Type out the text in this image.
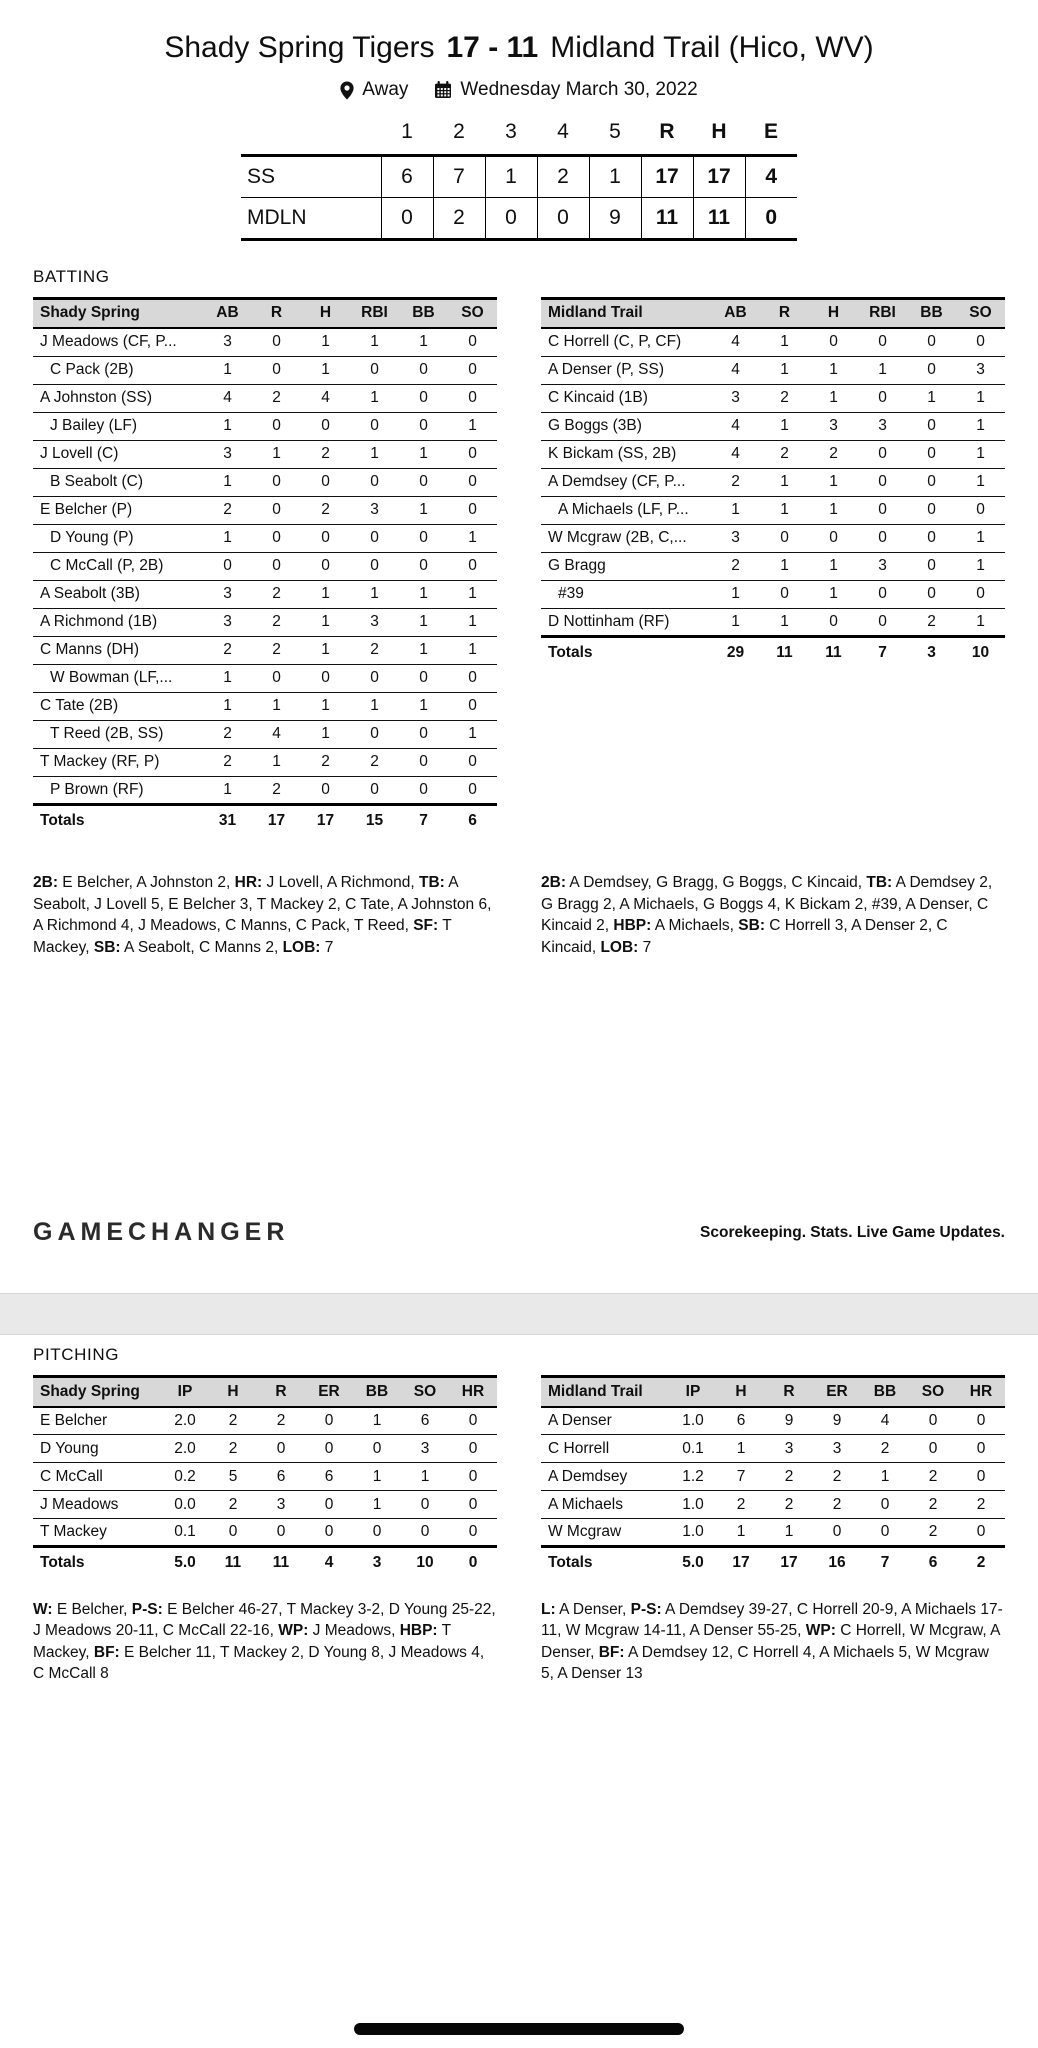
Shady Spring Tigers 17 - 11 Midland Trail (Hico, WV)
Away	Wednesday March 30, 2022
	1	2	3	4	5	R	H	E
SS	6	7	1	2	1	17	17	4
MDLN	0	2	0	0	9	11	11	0
BATTING
Shady Spring	AB	R	H	RBI	BB	SO
J Meadows (CF, P...	3	0	1	1	1	0
C Pack (2B)	1	0	1	0	0	0
A Johnston (SS)	4	2	4	1	0	0
J Bailey (LF)	1	0	0	0	0	1
J Lovell (C)	3	1	2	1	1	0
B Seabolt (C)	1	0	0	0	0	0
E Belcher (P)	2	0	2	3	1	0
D Young (P)	1	0	0	0	0	1
C McCall (P, 2B)	0	0	0	0	0	0
A Seabolt (3B)	3	2	1	1	1	1
A Richmond (1B)	3	2	1	3	1	1
C Manns (DH)	2	2	1	2	1	1
W Bowman (LF,...	1	0	0	0	0	0
C Tate (2B)	1	1	1	1	1	0
T Reed (2B, SS)	2	4	1	0	0	1
T Mackey (RF, P)	2	1	2	2	0	0
P Brown (RF)	1	2	0	0	0	0
Totals	31	17	17	15	7	6
Midland Trail	AB	R	H	RBI	BB	SO
C Horrell (C, P, CF)	4	1	0	0	0	0
A Denser (P, SS)	4	1	1	1	0	3
C Kincaid (1B)	3	2	1	0	1	1
G Boggs (3B)	4	1	3	3	0	1
K Bickam (SS, 2B)	4	2	2	0	0	1
A Demdsey (CF, P...	2	1	1	0	0	1
A Michaels (LF, P...	1	1	1	0	0	0
W Mcgraw (2B, C,...	3	0	0	0	0	1
G Bragg	2	1	1	3	0	1
#39	1	0	1	0	0	0
D Nottinham (RF)	1	1	0	0	2	1
Totals	29	11	11	7	3	10
2B: E Belcher, A Johnston 2, HR: J Lovell, A Richmond, TB: A Seabolt, J Lovell 5, E Belcher 3, T Mackey 2, C Tate, A Johnston 6, A Richmond 4, J Meadows, C Manns, C Pack, T Reed, SF: T Mackey, SB: A Seabolt, C Manns 2, LOB: 7
2B: A Demdsey, G Bragg, G Boggs, C Kincaid, TB: A Demdsey 2, G Bragg 2, A Michaels, G Boggs 4, K Bickam 2, #39, A Denser, C Kincaid 2, HBP: A Michaels, SB: C Horrell 3, A Denser 2, C Kincaid, LOB: 7
GAMECHANGER	Scorekeeping. Stats. Live Game Updates.
PITCHING
Shady Spring	IP	H	R	ER	BB	SO	HR
E Belcher	2.0	2	2	0	1	6	0
D Young	2.0	2	0	0	0	3	0
C McCall	0.2	5	6	6	1	1	0
J Meadows	0.0	2	3	0	1	0	0
T Mackey	0.1	0	0	0	0	0	0
Totals	5.0	11	11	4	3	10	0
Midland Trail	IP	H	R	ER	BB	SO	HR
A Denser	1.0	6	9	9	4	0	0
C Horrell	0.1	1	3	3	2	0	0
A Demdsey	1.2	7	2	2	1	2	0
A Michaels	1.0	2	2	2	0	2	2
W Mcgraw	1.0	1	1	0	0	2	0
Totals	5.0	17	17	16	7	6	2
W: E Belcher, P-S: E Belcher 46-27, T Mackey 3-2, D Young 25-22, J Meadows 20-11, C McCall 22-16, WP: J Meadows, HBP: T Mackey, BF: E Belcher 11, T Mackey 2, D Young 8, J Meadows 4, C McCall 8
L: A Denser, P-S: A Demdsey 39-27, C Horrell 20-9, A Michaels 17-11, W Mcgraw 14-11, A Denser 55-25, WP: C Horrell, W Mcgraw, A Denser, BF: A Demdsey 12, C Horrell 4, A Michaels 5, W Mcgraw 5, A Denser 13
